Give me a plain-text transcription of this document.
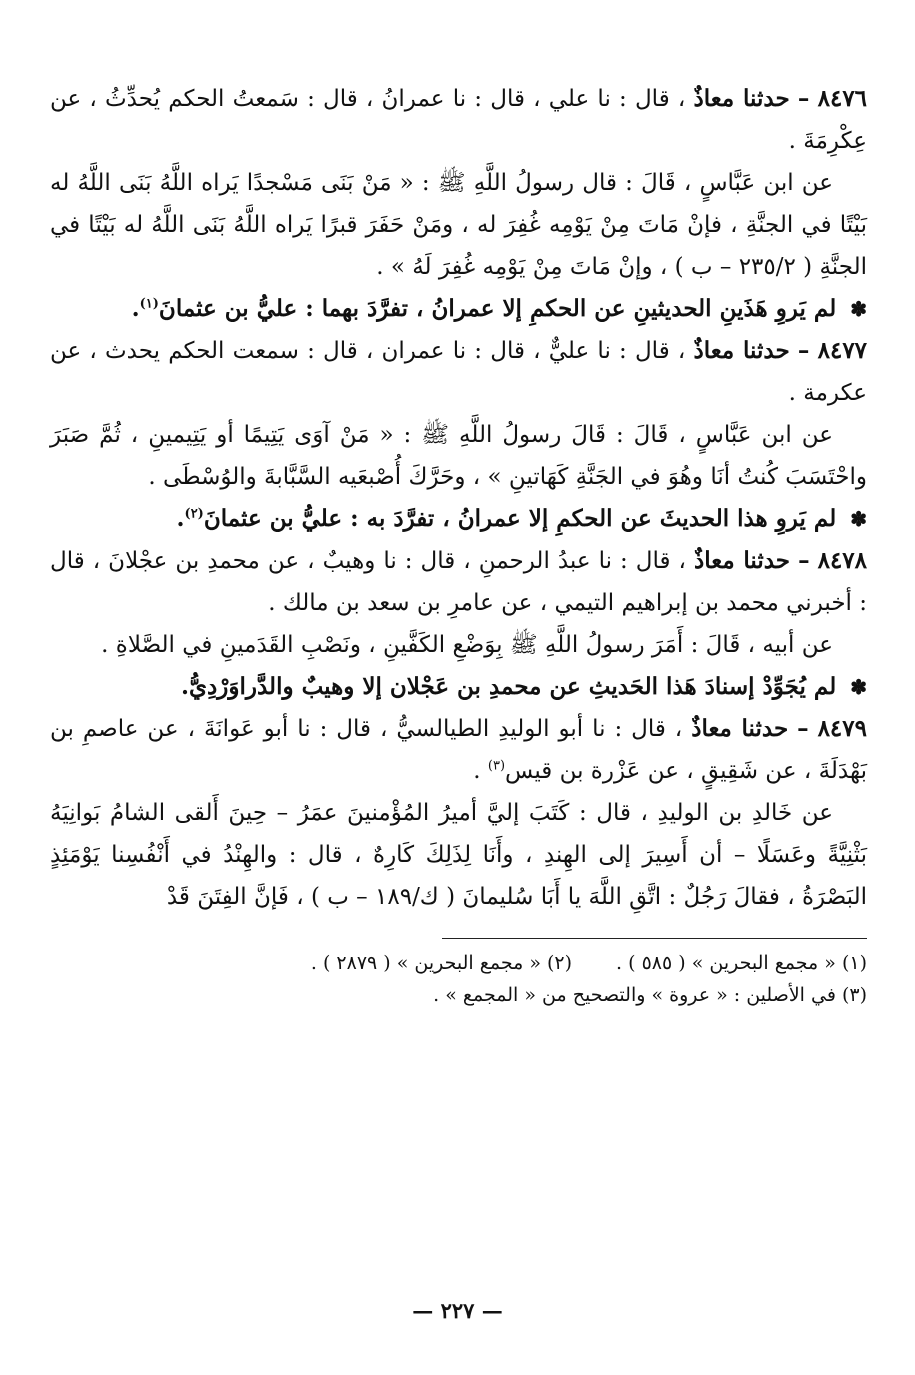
٨٤٧٦ – حدثنا معاذٌ ، قال : نا علي ، قال : نا عمرانُ ، قال : سَمعتُ الحكم يُحدِّثُ ، عن عِكْرِمَةَ .

عن ابن عَبَّاسٍ ، قَالَ : قال رسولُ اللَّهِ ﷺ : « مَنْ بَنَى مَسْجدًا يَراه اللَّهُ بَنَى اللَّهُ له بَيْتًا في الجنَّةِ ، فإنْ مَاتَ مِنْ يَوْمِه غُفِرَ له ، ومَنْ حَفَرَ قبرًا يَراه اللَّهُ بَنَى اللَّهُ له بَيْتًا في الجنَّةِ ( ٢٣٥/٢ – ب ) ، وإنْ مَاتَ مِنْ يَوْمِه غُفِرَ لَهُ » .

✽ لم يَروِ هَذَينِ الحديثينِ عن الحكمِ إلا عمرانُ ، تفرَّدَ بهما : عليُّ بن عثمانَ$^{(١)}$.

٨٤٧٧ – حدثنا معاذٌ ، قال : نا عليٌّ ، قال : نا عمران ، قال : سمعت الحكم يحدث ، عن عكرمة .

عن ابن عَبَّاسٍ ، قَالَ : قَالَ رسولُ اللَّهِ ﷺ : « مَنْ آوَى يَتِيمًا أو يَتِيمينِ ، ثُمَّ صَبَرَ واحْتَسَبَ كُنتُ أنَا وهُوَ في الجَنَّةِ كَهَاتينِ » ، وحَرَّكَ أُصْبعَيه السَّبَّابةَ والوُسْطَى .

✽ لم يَروِ هذا الحديثَ عن الحكمِ إلا عمرانُ ، تفرَّدَ به : عليُّ بن عثمانَ$^{(٢)}$.

٨٤٧٨ – حدثنا معاذٌ ، قال : نا عبدُ الرحمنِ ، قال : نا وهيبٌ ، عن محمدِ بن عجْلانَ ، قال : أخبرني محمد بن إبراهيم التيمي ، عن عامرِ بن سعد بن مالك .

عن أبيه ، قَالَ : أَمَرَ رسولُ اللَّهِ ﷺ بِوَضْعِ الكَفَّينِ ، ونَصْبِ القَدَمينِ في الصَّلاةِ .

✽ لم يُجَوِّدْ إسنادَ هَذا الحَديثِ عن محمدِ بن عَجْلان إلا وهيبٌ والدَّراوَرْدِيُّ.

٨٤٧٩ – حدثنا معاذٌ ، قال : نا أبو الوليدِ الطيالسيُّ ، قال : نا أبو عَوانَةَ ، عن عاصمِ بن بَهْدَلَةَ ، عن شَقِيقٍ ، عن عَزْرة بن قيس$^{(٣)}$ .

عن خَالدِ بن الوليدِ ، قال : كَتَبَ إليَّ أميرُ المُؤْمنينَ عمَرُ – حِينَ أَلقى الشامُ بَوانِيَهُ بَثْنِيَّةً وعَسَلًا – أن أَسِيرَ إلى الهِندِ ، وأَنَا لِذَلِكَ كَارِهٌ ، قال : والهِنْدُ في أَنْفُسِنا يَوْمَئِذٍ البَصْرَةُ ، فقالَ رَجُلٌ : اتَّقِ اللَّهَ يا أَبَا سُليمانَ ( ك/١٨٩ – ب ) ، فَإنَّ الفِتَنَ قَدْ

(١) « مجمع البحرين » ( ٥٨٥ ) .

(٢) « مجمع البحرين » ( ٢٨٧٩ ) .

(٣) في الأصلين : « عروة » والتصحيح من « المجمع » .

— ٢٢٧ —
